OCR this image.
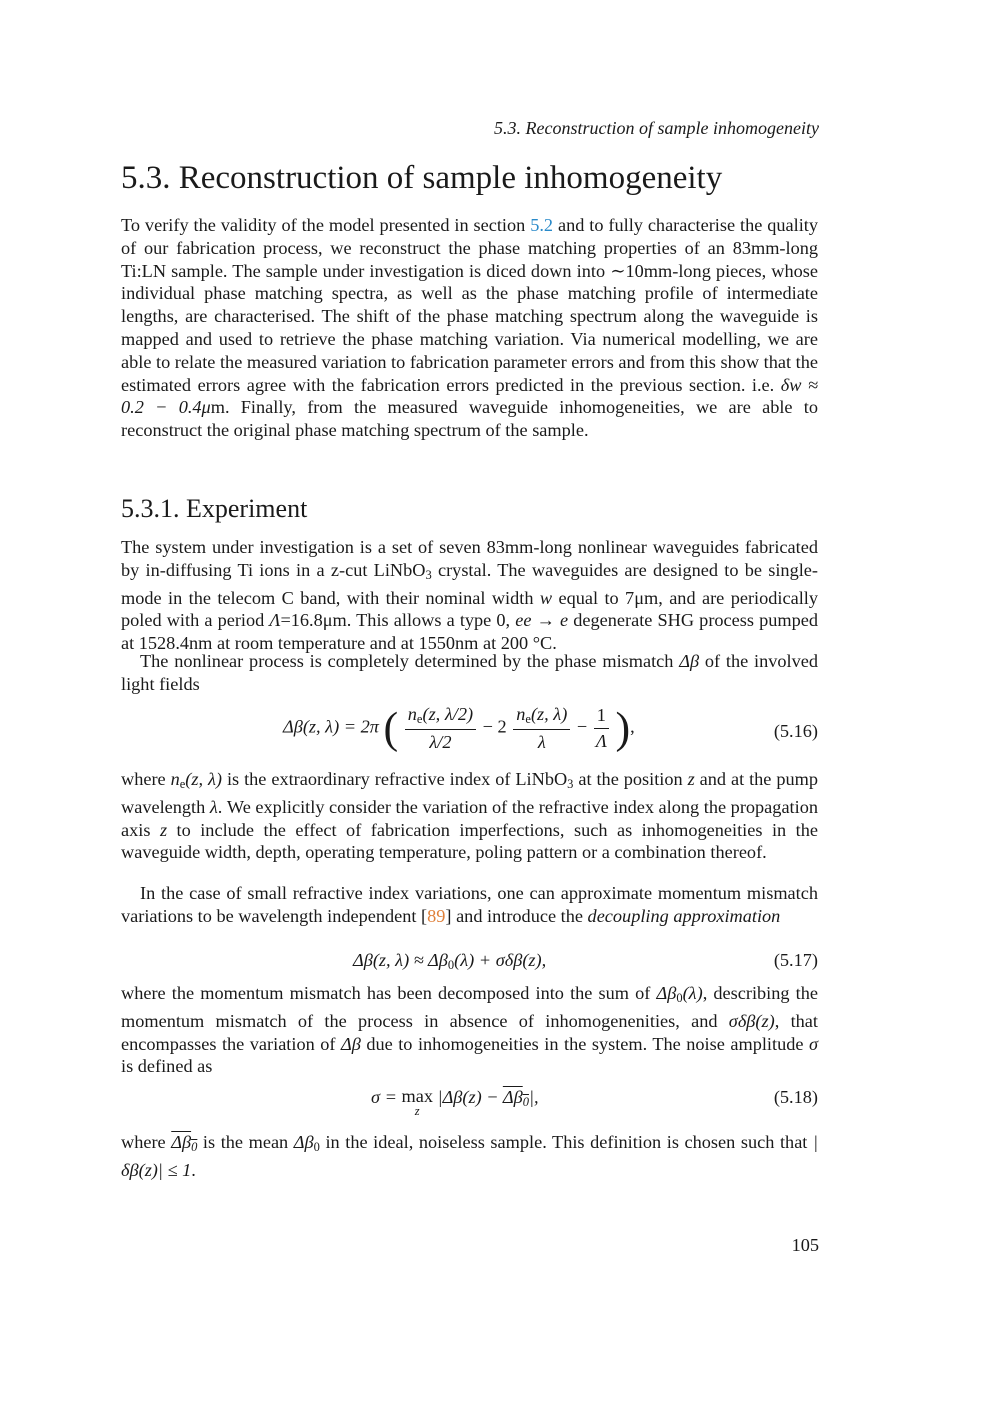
5.3. Reconstruction of sample inhomogeneity
5.3. Reconstruction of sample inhomogeneity

To verify the validity of the model presented in section 5.2 and to fully characterise the quality of our fabrication process, we reconstruct the phase matching properties of an 83mm-long Ti:LN sample. The sample under investigation is diced down into ∼10mm-long pieces, whose individual phase matching spectra, as well as the phase matching profile of intermediate lengths, are characterised. The shift of the phase matching spectrum along the waveguide is mapped and used to retrieve the phase matching variation. Via numerical modelling, we are able to relate the measured variation to fabrication parameter errors and from this show that the estimated errors agree with the fabrication errors predicted in the previous section. i.e. δw ≈ 0.2 − 0.4μm. Finally, from the measured waveguide inhomogeneities, we are able to reconstruct the original phase matching spectrum of the sample.

5.3.1. Experiment

The system under investigation is a set of seven 83mm-long nonlinear waveguides fabricated by in-diffusing Ti ions in a z-cut LiNbO$_3$ crystal. The waveguides are designed to be single-mode in the telecom C band, with their nominal width w equal to 7μm, and are periodically poled with a period Λ=16.8μm. This allows a type 0, ee → e degenerate SHG process pumped at 1528.4nm at room temperature and at 1550nm at 200 °C.

The nonlinear process is completely determined by the phase mismatch Δβ of the involved light fields

Δβ(z, λ) = 2π ( $\frac{n_e(z, \lambda/2)}{\lambda/2} - 2 \frac{n_e(z, \lambda)}{\lambda} - \frac{1}{\Lambda}$ ),	(5.16)

where $n_e(z$, λ) is the extraordinary refractive index of LiNbO$_3$ at the position z and at the pump wavelength λ. We explicitly consider the variation of the refractive index along the propagation axis z to include the effect of fabrication imperfections, such as inhomogeneities in the waveguide width, depth, operating temperature, poling pattern or a combination thereof.

In the case of small refractive index variations, one can approximate momentum mismatch variations to be wavelength independent [89] and introduce the decoupling approximation

Δβ(z, $\lambda) \approx \Delta\beta_0(\lambda) + \sigma\delta\beta(z)$,	(5.17)

where the momentum mismatch has been decomposed into the sum of $\Delta\beta_0(\lambda)$, describing the momentum mismatch of the process in absence of inhomogenenities, and σδβ(z), that encompasses the variation of Δβ due to inhomogeneities in the system. The noise amplitude σ is defined as

σ = max
z
$|\Delta\beta(z) - \Delta\beta_0|$,	(5.18)

where $\Delta\beta_0$ is the mean $\Delta\beta_0$ in the ideal, noiseless sample. This definition is chosen such that |δβ(z)| ≤ 1.

105
